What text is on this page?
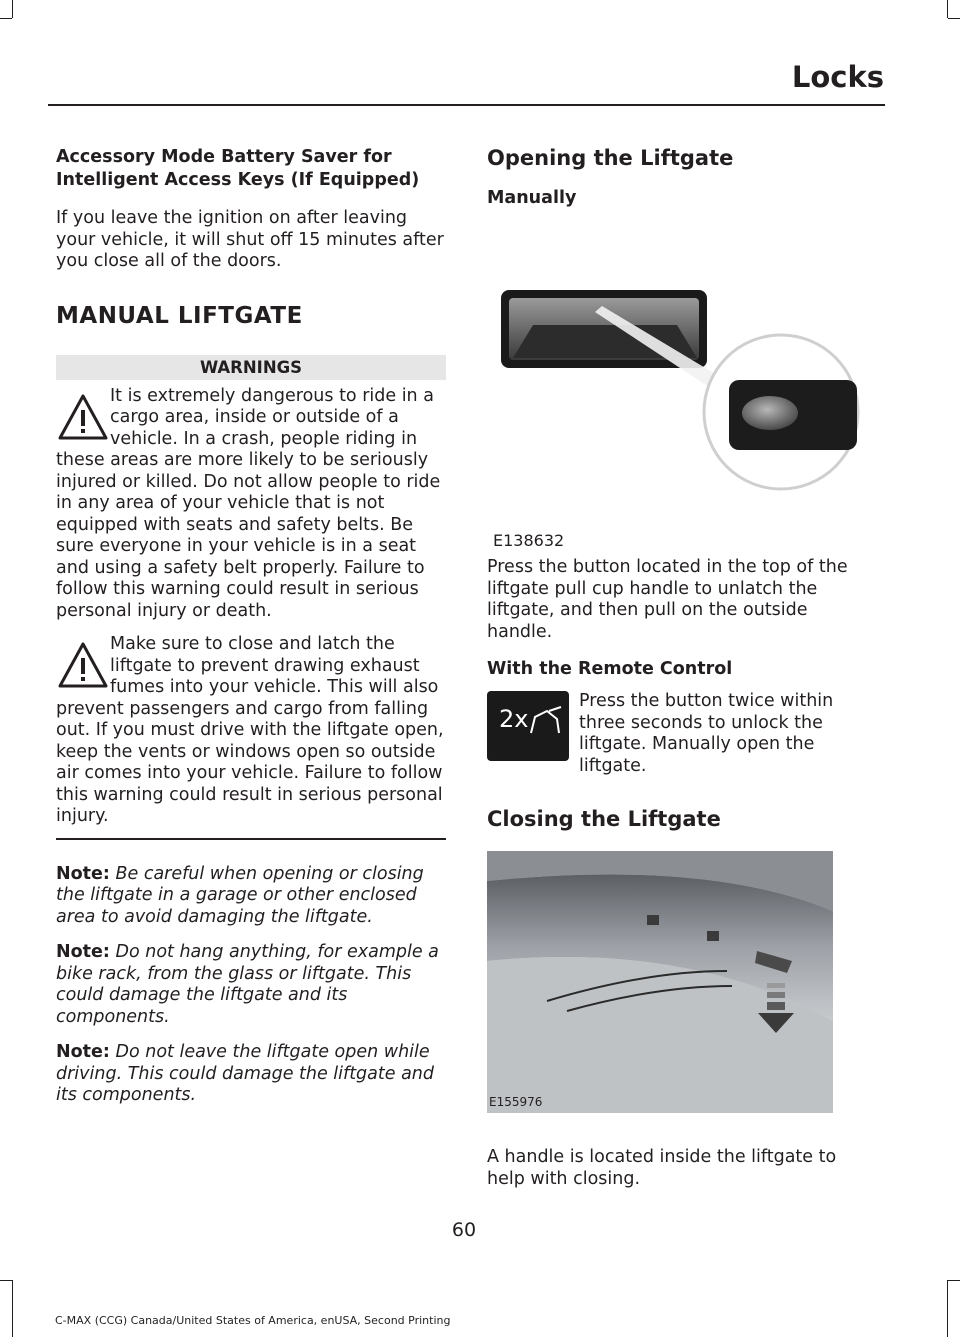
Locks
Accessory Mode Battery Saver for Intelligent Access Keys (If Equipped)

If you leave the ignition on after leaving your vehicle, it will shut off 15 minutes after you close all of the doors.

MANUAL LIFTGATE
WARNINGS
It is extremely dangerous to ride in a cargo area, inside or outside of a vehicle. In a crash, people riding in these areas are more likely to be seriously injured or killed. Do not allow people to ride in any area of your vehicle that is not equipped with seats and safety belts. Be sure everyone in your vehicle is in a seat and using a safety belt properly. Failure to follow this warning could result in serious personal injury or death.
Make sure to close and latch the liftgate to prevent drawing exhaust fumes into your vehicle. This will also prevent passengers and cargo from falling out. If you must drive with the liftgate open, keep the vents or windows open so outside air comes into your vehicle. Failure to follow this warning could result in serious personal injury.

Note: Be careful when opening or closing the liftgate in a garage or other enclosed area to avoid damaging the liftgate.

Note: Do not hang anything, for example a bike rack, from the glass or liftgate. This could damage the liftgate and its components.

Note: Do not leave the liftgate open while driving. This could damage the liftgate and its components.

Opening the Liftgate
Manually
E138632

Press the button located in the top of the liftgate pull cup handle to unlatch the liftgate, and then pull on the outside handle.

With the Remote Control
2x
Press the button twice within three seconds to unlock the liftgate. Manually open the liftgate.
Closing the Liftgate
E155976

A handle is located inside the liftgate to help with closing.

60
C-MAX (CCG) Canada/United States of America, enUSA, Second Printing
